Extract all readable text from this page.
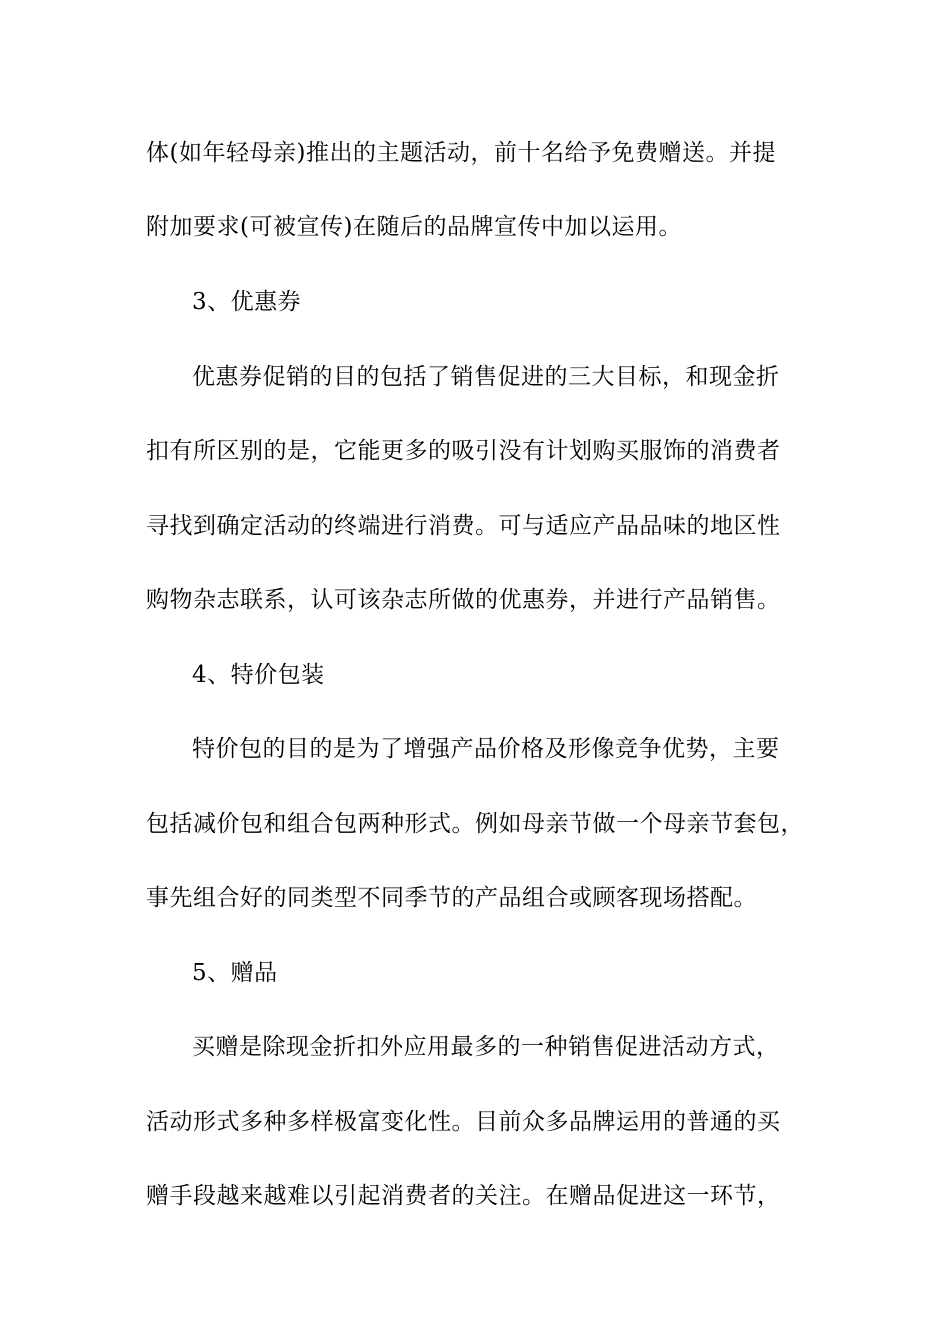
体(如年轻母亲)推出的主题活动，前十名给予免费赠送。并提
附加要求(可被宣传)在随后的品牌宣传中加以运用。
3、优惠券
优惠券促销的目的包括了销售促进的三大目标，和现金折
扣有所区别的是，它能更多的吸引没有计划购买服饰的消费者
寻找到确定活动的终端进行消费。可与适应产品品味的地区性
购物杂志联系，认可该杂志所做的优惠券，并进行产品销售。
4、特价包装
特价包的目的是为了增强产品价格及形像竞争优势，主要
包括减价包和组合包两种形式。例如母亲节做一个母亲节套包，
事先组合好的同类型不同季节的产品组合或顾客现场搭配。
5、赠品
买赠是除现金折扣外应用最多的一种销售促进活动方式，
活动形式多种多样极富变化性。目前众多品牌运用的普通的买
赠手段越来越难以引起消费者的关注。在赠品促进这一环节，
